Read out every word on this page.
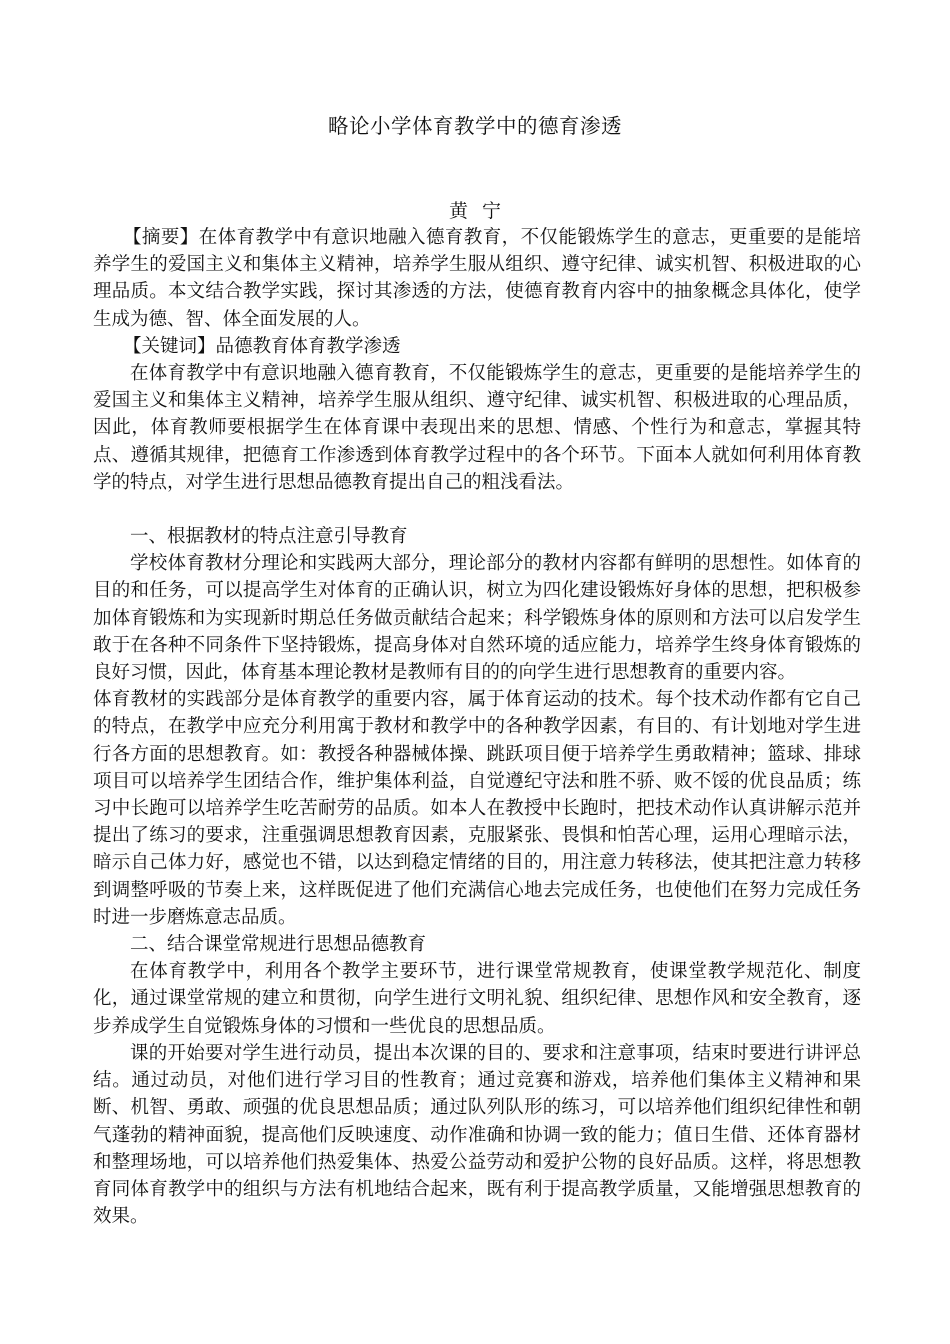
略论小学体育教学中的德育渗透
黄宁

【摘要】在体育教学中有意识地融入德育教育，不仅能锻炼学生的意志，更重要的是能培养学生的爱国主义和集体主义精神，培养学生服从组织、遵守纪律、诚实机智、积极进取的心理品质。本文结合教学实践，探讨其渗透的方法，使德育教育内容中的抽象概念具体化，使学生成为德、智、体全面发展的人。

【关键词】品德教育体育教学渗透

在体育教学中有意识地融入德育教育，不仅能锻炼学生的意志，更重要的是能培养学生的爱国主义和集体主义精神，培养学生服从组织、遵守纪律、诚实机智、积极进取的心理品质，因此，体育教师要根据学生在体育课中表现出来的思想、情感、个性行为和意志，掌握其特点、遵循其规律，把德育工作渗透到体育教学过程中的各个环节。下面本人就如何利用体育教学的特点，对学生进行思想品德教育提出自己的粗浅看法。

一、根据教材的特点注意引导教育

学校体育教材分理论和实践两大部分，理论部分的教材内容都有鲜明的思想性。如体育的目的和任务，可以提高学生对体育的正确认识，树立为四化建设锻炼好身体的思想，把积极参加体育锻炼和为实现新时期总任务做贡献结合起来；科学锻炼身体的原则和方法可以启发学生敢于在各种不同条件下坚持锻炼，提高身体对自然环境的适应能力，培养学生终身体育锻炼的良好习惯，因此，体育基本理论教材是教师有目的的向学生进行思想教育的重要内容。

体育教材的实践部分是体育教学的重要内容，属于体育运动的技术。每个技术动作都有它自己的特点，在教学中应充分利用寓于教材和教学中的各种教学因素，有目的、有计划地对学生进行各方面的思想教育。如：教授各种器械体操、跳跃项目便于培养学生勇敢精神；篮球、排球项目可以培养学生团结合作，维护集体利益，自觉遵纪守法和胜不骄、败不馁的优良品质；练习中长跑可以培养学生吃苦耐劳的品质。如本人在教授中长跑时，把技术动作认真讲解示范并提出了练习的要求，注重强调思想教育因素，克服紧张、畏惧和怕苦心理，运用心理暗示法，暗示自己体力好，感觉也不错，以达到稳定情绪的目的，用注意力转移法，使其把注意力转移到调整呼吸的节奏上来，这样既促进了他们充满信心地去完成任务，也使他们在努力完成任务时进一步磨炼意志品质。

二、结合课堂常规进行思想品德教育

在体育教学中，利用各个教学主要环节，进行课堂常规教育，使课堂教学规范化、制度化，通过课堂常规的建立和贯彻，向学生进行文明礼貌、组织纪律、思想作风和安全教育，逐步养成学生自觉锻炼身体的习惯和一些优良的思想品质。

课的开始要对学生进行动员，提出本次课的目的、要求和注意事项，结束时要进行讲评总结。通过动员，对他们进行学习目的性教育；通过竞赛和游戏，培养他们集体主义精神和果断、机智、勇敢、顽强的优良思想品质；通过队列队形的练习，可以培养他们组织纪律性和朝气蓬勃的精神面貌，提高他们反映速度、动作准确和协调一致的能力；值日生借、还体育器材和整理场地，可以培养他们热爱集体、热爱公益劳动和爱护公物的良好品质。这样，将思想教育同体育教学中的组织与方法有机地结合起来，既有利于提高教学质量，又能增强思想教育的效果。
